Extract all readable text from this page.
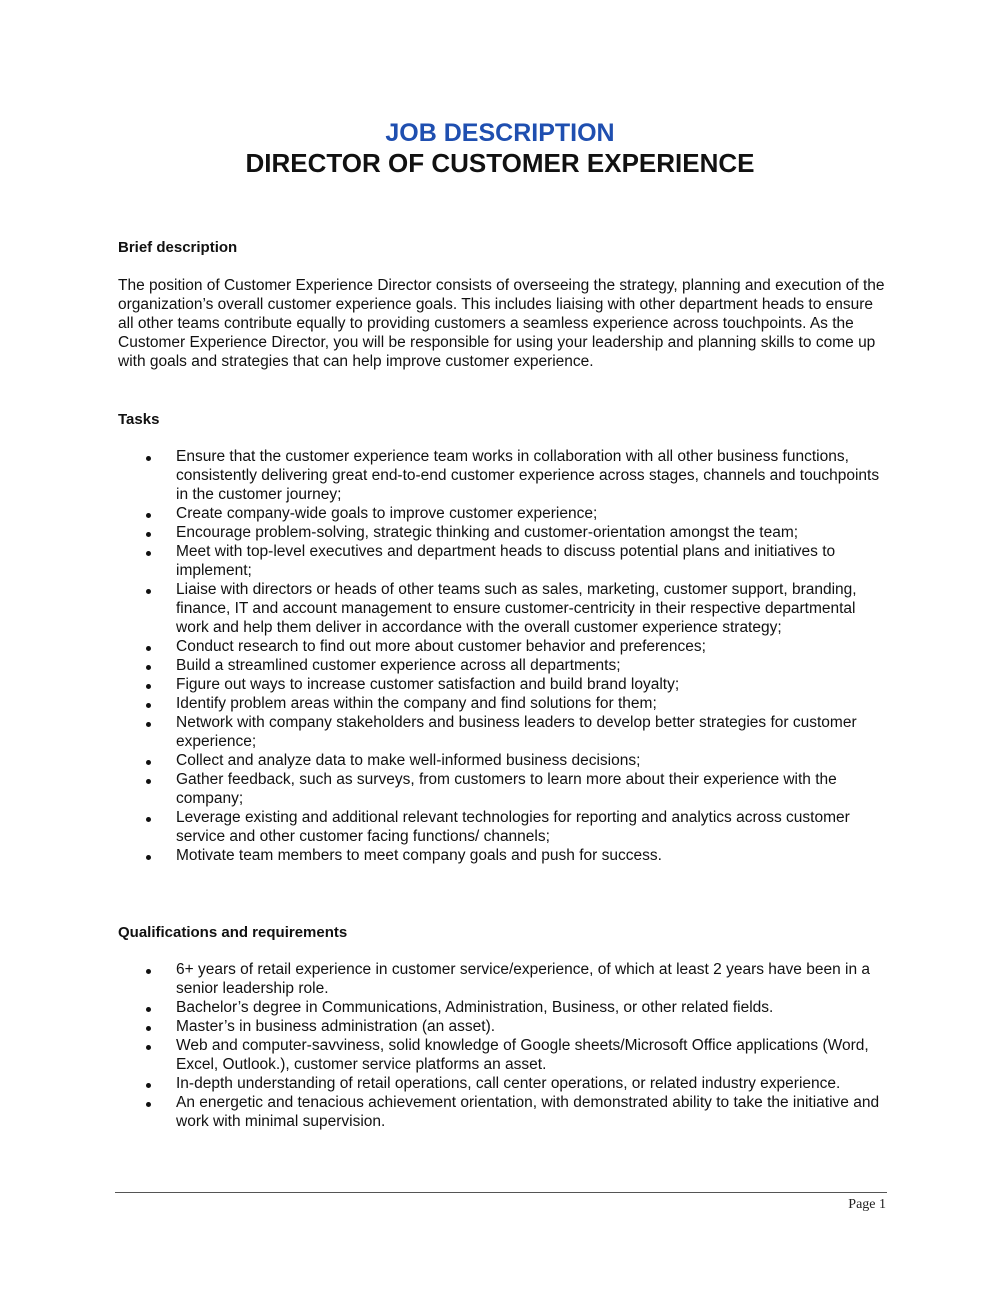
JOB DESCRIPTION
DIRECTOR OF CUSTOMER EXPERIENCE
Brief description
The position of Customer Experience Director consists of overseeing the strategy, planning and execution of the organization’s overall customer experience goals. This includes liaising with other department heads to ensure all other teams contribute equally to providing customers a seamless experience across touchpoints. As the Customer Experience Director, you will be responsible for using your leadership and planning skills to come up with goals and strategies that can help improve customer experience.
Tasks
Ensure that the customer experience team works in collaboration with all other business functions, consistently delivering great end-to-end customer experience across stages, channels and touchpoints in the customer journey;
Create company-wide goals to improve customer experience;
Encourage problem-solving, strategic thinking and customer-orientation amongst the team;
Meet with top-level executives and department heads to discuss potential plans and initiatives to implement;
Liaise with directors or heads of other teams such as sales, marketing, customer support, branding, finance, IT and account management to ensure customer-centricity in their respective departmental work and help them deliver in accordance with the overall customer experience strategy;
Conduct research to find out more about customer behavior and preferences;
Build a streamlined customer experience across all departments;
Figure out ways to increase customer satisfaction and build brand loyalty;
Identify problem areas within the company and find solutions for them;
Network with company stakeholders and business leaders to develop better strategies for customer experience;
Collect and analyze data to make well-informed business decisions;
Gather feedback, such as surveys, from customers to learn more about their experience with the company;
Leverage existing and additional relevant technologies for reporting and analytics across customer service and other customer facing functions/ channels;
Motivate team members to meet company goals and push for success.
Qualifications and requirements
6+ years of retail experience in customer service/experience, of which at least 2 years have been in a senior leadership role.
Bachelor’s degree in Communications, Administration, Business, or other related fields.
Master’s in business administration (an asset).
Web and computer-savviness, solid knowledge of Google sheets/Microsoft Office applications (Word, Excel, Outlook.), customer service platforms an asset.
In-depth understanding of retail operations, call center operations, or related industry experience.
An energetic and tenacious achievement orientation, with demonstrated ability to take the initiative and work with minimal supervision.
Page 1
